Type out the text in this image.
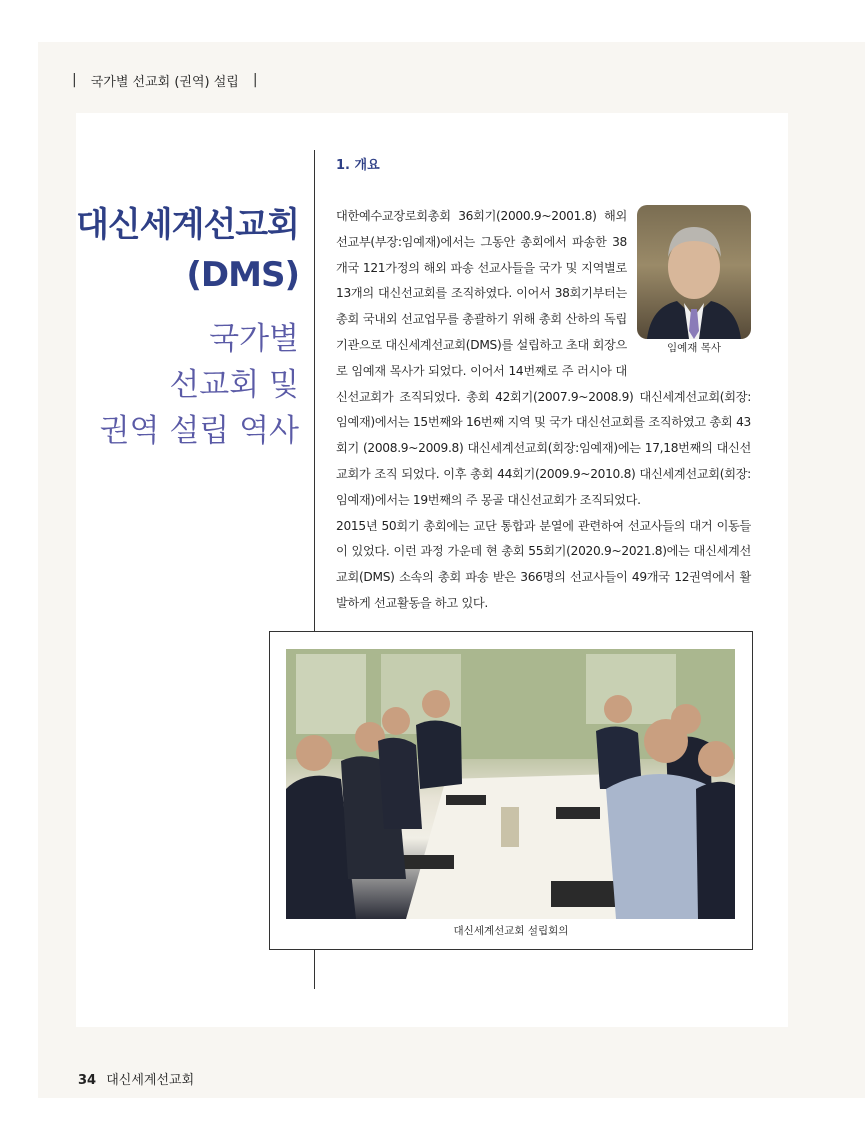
| 국가별 선교회 (권역) 설립 |
대신세계선교회
(DMS)
국가별
선교회 및
권역 설립 역사
1. 개요
임예재 목사

대한예수교장로회총회 36회기(2000.9~2001.8) 해외선교부(부장:임예재)에서는 그동안 총회에서 파송한 38개국 121가정의 해외 파송 선교사들을 국가 및 지역별로 13개의 대신선교회를 조직하였다. 이어서 38회기부터는 총회 국내외 선교업무를 총괄하기 위해 총회 산하의 독립기관으로 대신세계선교회(DMS)를 설립하고 초대 회장으로 임예재 목사가 되었다. 이어서 14번째로 주 러시아 대신선교회가 조직되었다. 총회 42회기(2007.9~2008.9) 대신세계선교회(회장:임예재)에서는 15번째와 16번째 지역 및 국가 대신선교회를 조직하였고 총회 43회기 (2008.9~2009.8) 대신세계선교회(회장:임예재)에는 17,18번째의 대신선교회가 조직 되었다. 이후 총회 44회기(2009.9~2010.8) 대신세계선교회(회장:임예재)에서는 19번째의 주 몽골 대신선교회가 조직되었다.

2015년 50회기 총회에는 교단 통합과 분열에 관련하여 선교사들의 대거 이동들이 있었다. 이런 과정 가운데 현 총회 55회기(2020.9~2021.8)에는 대신세계선교회(DMS) 소속의 총회 파송 받은 366명의 선교사들이 49개국 12권역에서 활발하게 선교활동을 하고 있다.

대신세계선교회 설립회의
34 대신세계선교회
